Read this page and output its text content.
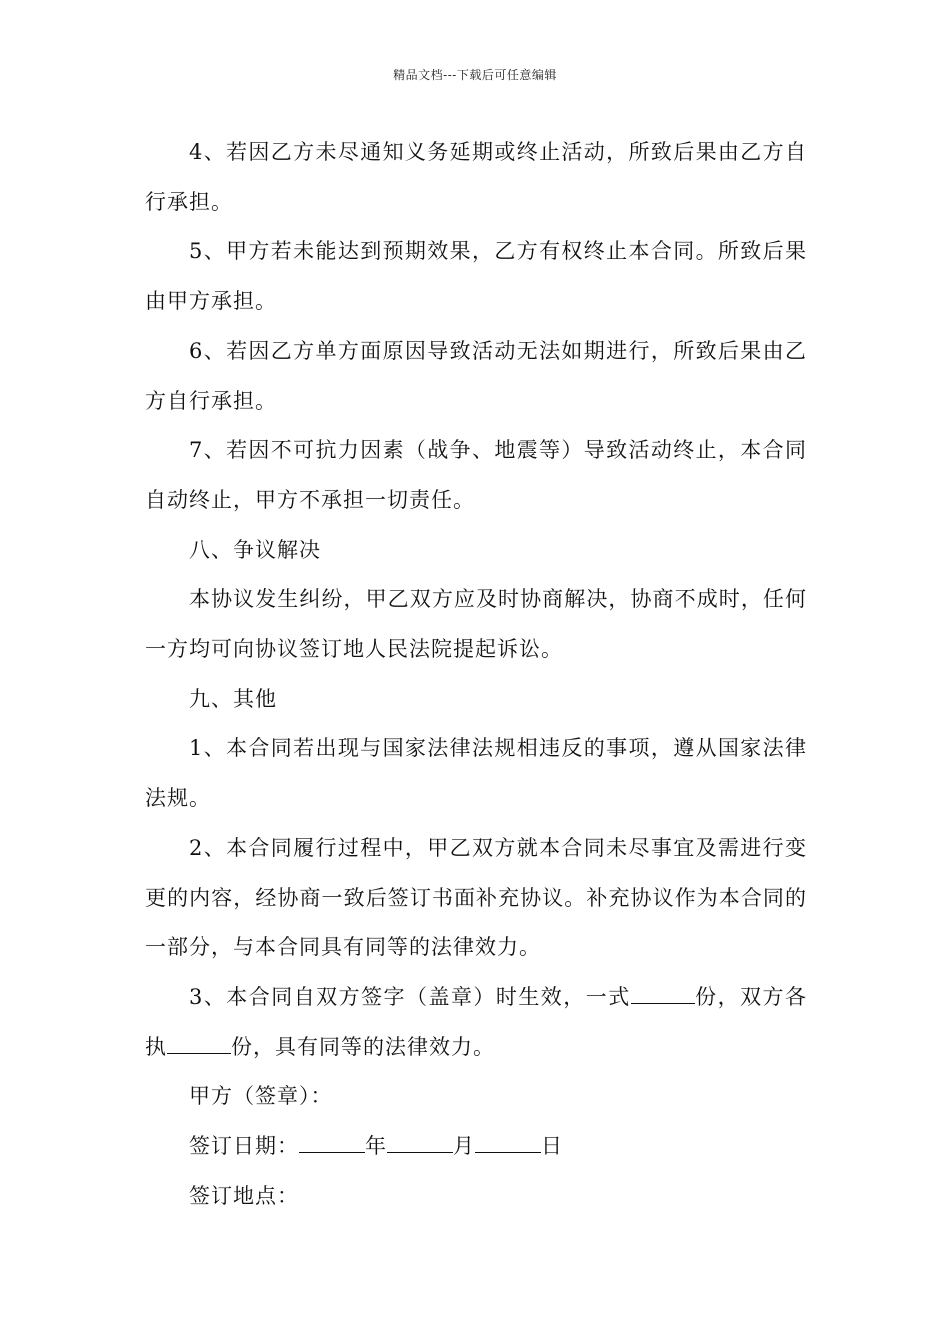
精品文档---下载后可任意编辑

4、若因乙方未尽通知义务延期或终止活动，所致后果由乙方自行承担。

5、甲方若未能达到预期效果，乙方有权终止本合同。所致后果由甲方承担。

6、若因乙方单方面原因导致活动无法如期进行，所致后果由乙方自行承担。

7、若因不可抗力因素（战争、地震等）导致活动终止，本合同自动终止，甲方不承担一切责任。

八、争议解决

本协议发生纠纷，甲乙双方应及时协商解决，协商不成时，任何一方均可向协议签订地人民法院提起诉讼。

九、其他

1、本合同若出现与国家法律法规相违反的事项，遵从国家法律法规。

2、本合同履行过程中，甲乙双方就本合同未尽事宜及需进行变更的内容，经协商一致后签订书面补充协议。补充协议作为本合同的一部分，与本合同具有同等的法律效力。

3、本合同自双方签字（盖章）时生效，一式	份，双方各执	份，具有同等的法律效力。

甲方（签章）：

签订日期：	年	月	日

签订地点：
